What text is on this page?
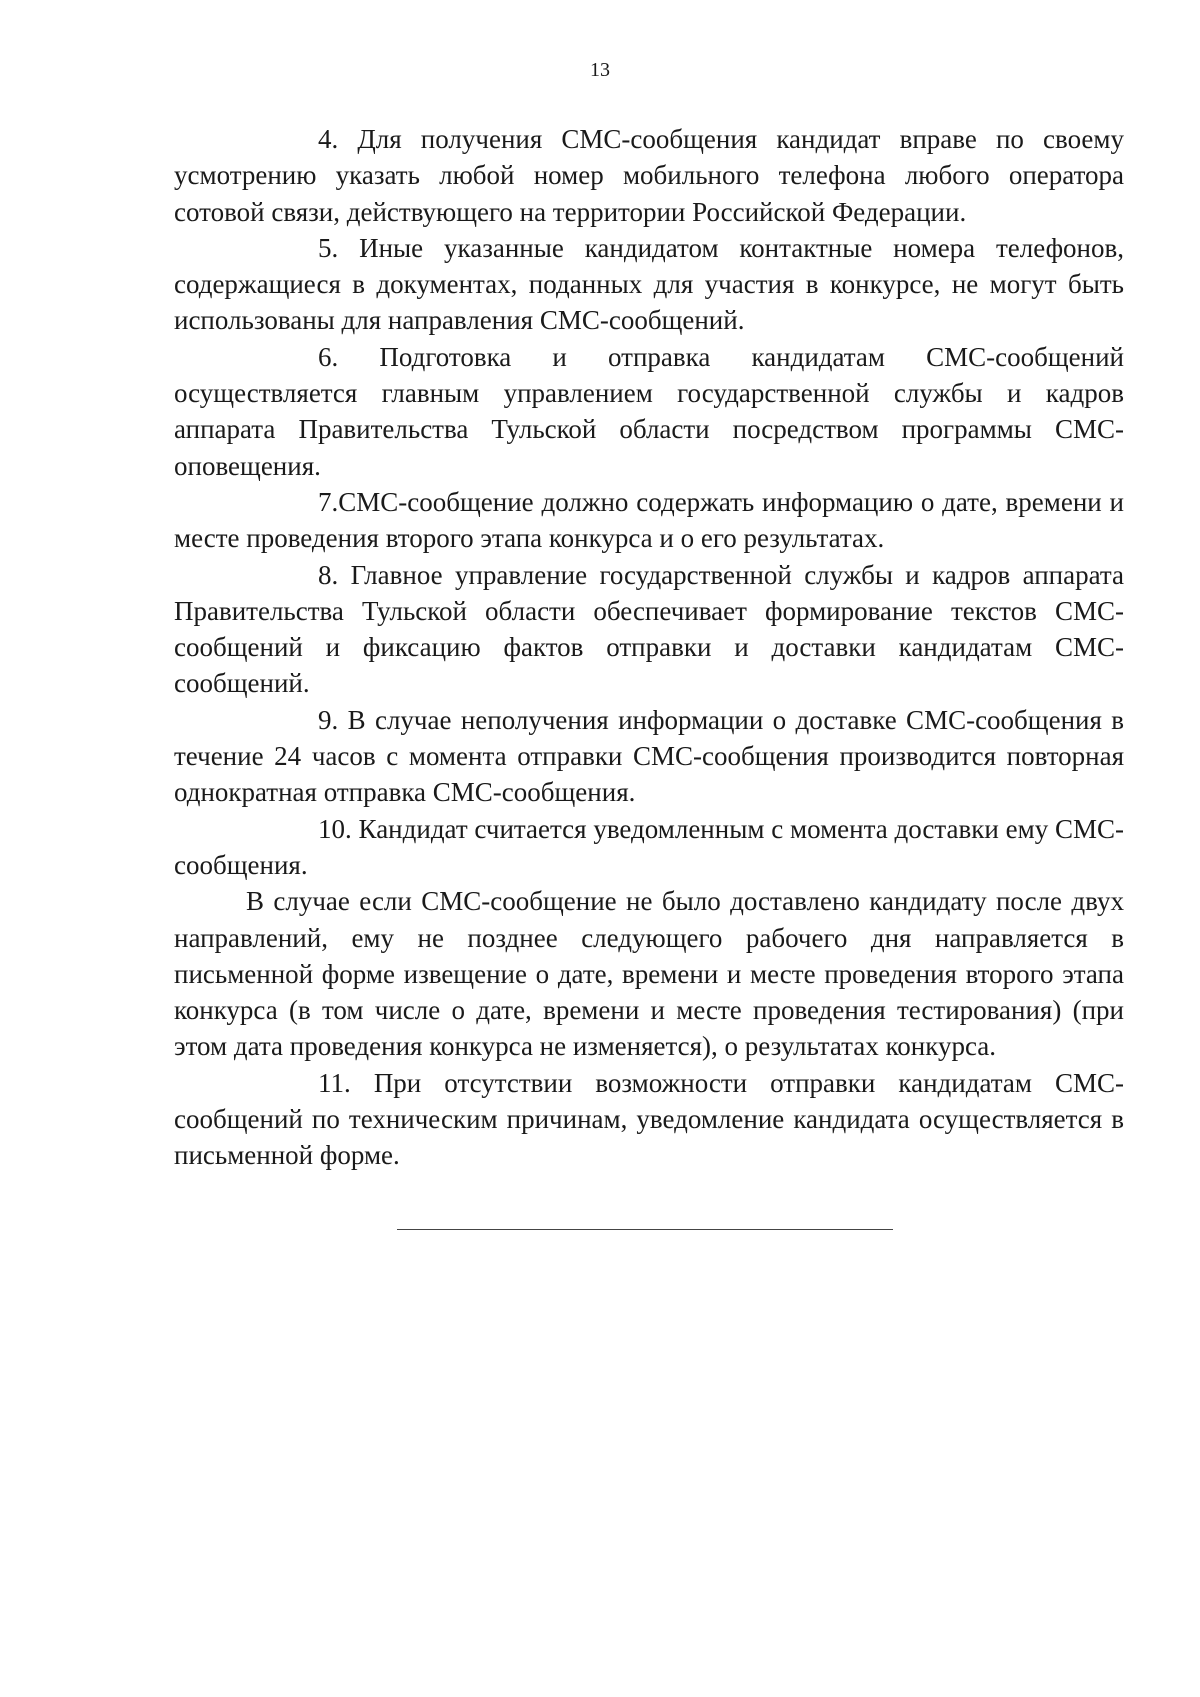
13

4. Для получения СМС-сообщения кандидат вправе по своему усмотрению указать любой номер мобильного телефона любого оператора сотовой связи, действующего на территории Российской Федерации.

5. Иные указанные кандидатом контактные номера телефонов, содержащиеся в документах, поданных для участия в конкурсе, не могут быть использованы для направления СМС-сообщений.

6. Подготовка и отправка кандидатам СМС-сообщений осуществляется главным управлением государственной службы и кадров аппарата Правительства Тульской области посредством программы СМС-оповещения.

7.СМС-сообщение должно содержать информацию о дате, времени и месте проведения второго этапа конкурса и о его результатах.

8. Главное управление государственной службы и кадров аппарата Правительства Тульской области обеспечивает формирование текстов СМС-сообщений и фиксацию фактов отправки и доставки кандидатам СМС-сообщений.

9. В случае неполучения информации о доставке СМС-сообщения в течение 24 часов с момента отправки СМС-сообщения производится повторная однократная отправка СМС-сообщения.

10. Кандидат считается уведомленным с момента доставки ему СМС-сообщения.

В случае если СМС-сообщение не было доставлено кандидату после двух направлений, ему не позднее следующего рабочего дня направляется в письменной форме извещение о дате, времени и месте проведения второго этапа конкурса (в том числе о дате, времени и месте проведения тестирования) (при этом дата проведения конкурса не изменяется), о результатах конкурса.

11. При отсутствии возможности отправки кандидатам СМС-сообщений по техническим причинам, уведомление кандидата осуществляется в письменной форме.
